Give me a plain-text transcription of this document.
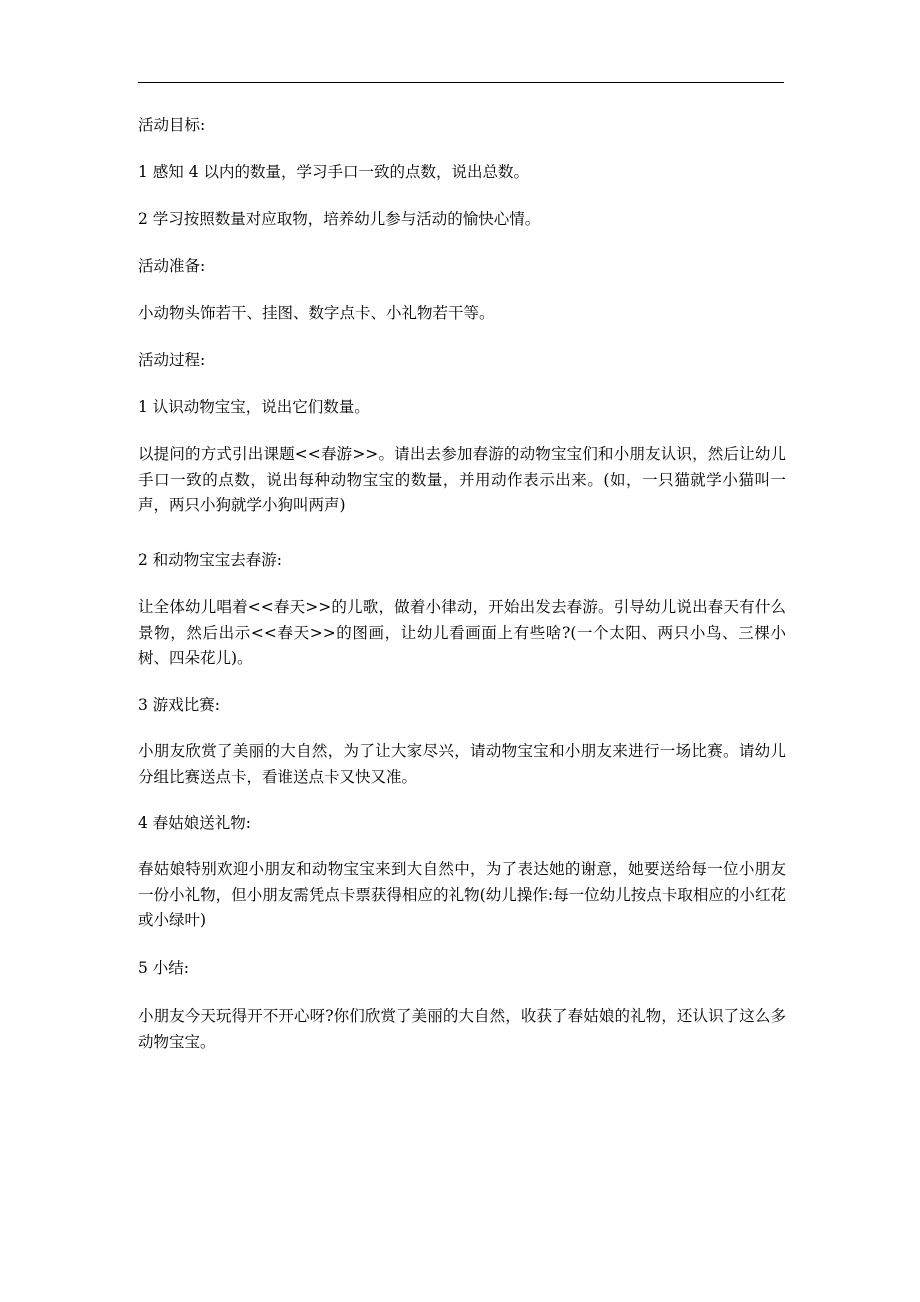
活动目标:
1 感知 4 以内的数量，学习手口一致的点数，说出总数。
2 学习按照数量对应取物，培养幼儿参与活动的愉快心情。
活动准备:
小动物头饰若干、挂图、数字点卡、小礼物若干等。
活动过程:
1 认识动物宝宝，说出它们数量。
以提问的方式引出课题<<春游>>。请出去参加春游的动物宝宝们和小朋友认识，然后让幼儿手口一致的点数，说出每种动物宝宝的数量，并用动作表示出来。(如，一只猫就学小猫叫一声，两只小狗就学小狗叫两声)
2 和动物宝宝去春游:
让全体幼儿唱着<<春天>>的儿歌，做着小律动，开始出发去春游。引导幼儿说出春天有什么景物，然后出示<<春天>>的图画，让幼儿看画面上有些啥?(一个太阳、两只小鸟、三棵小树、四朵花儿)。
3 游戏比赛:
小朋友欣赏了美丽的大自然，为了让大家尽兴，请动物宝宝和小朋友来进行一场比赛。请幼儿分组比赛送点卡，看谁送点卡又快又准。
4 春姑娘送礼物:
春姑娘特别欢迎小朋友和动物宝宝来到大自然中，为了表达她的谢意，她要送给每一位小朋友一份小礼物，但小朋友需凭点卡票获得相应的礼物(幼儿操作:每一位幼儿按点卡取相应的小红花或小绿叶)
5 小结:
小朋友今天玩得开不开心呀?你们欣赏了美丽的大自然，收获了春姑娘的礼物，还认识了这么多动物宝宝。
